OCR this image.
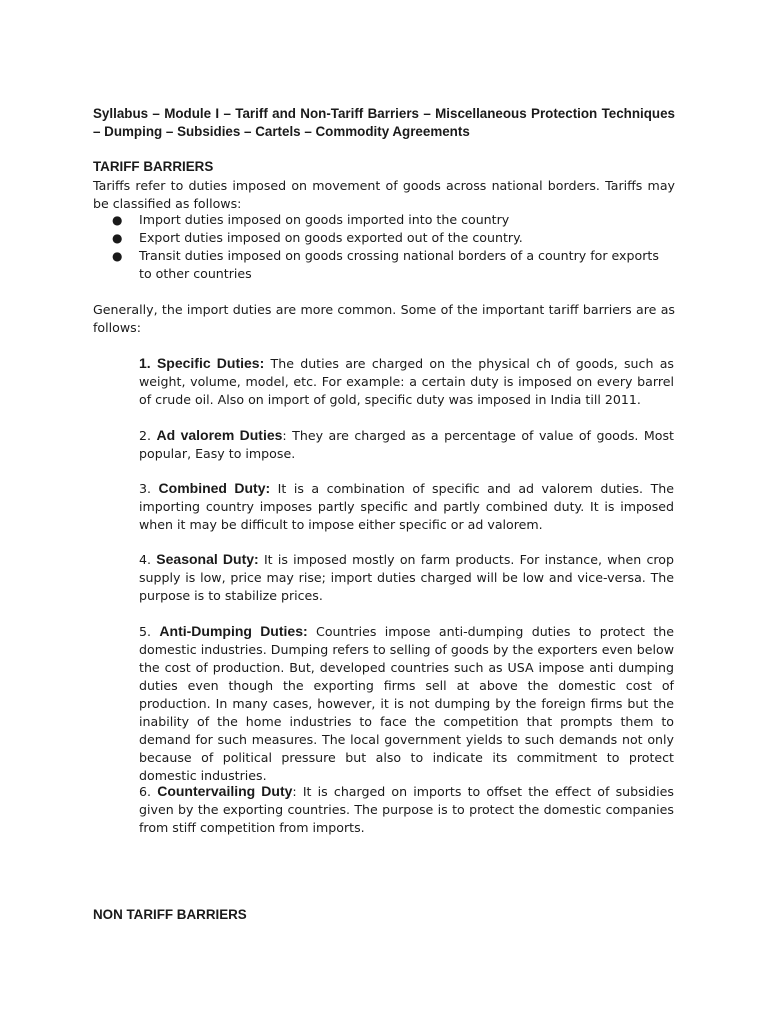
Syllabus – Module I – Tariff and Non-Tariff Barriers – Miscellaneous Protection Techniques – Dumping – Subsidies – Cartels – Commodity Agreements
TARIFF BARRIERS
Tariffs refer to duties imposed on movement of goods across national borders. Tariffs may be classified as follows:
● Import duties imposed on goods imported into the country
● Export duties imposed on goods exported out of the country.
● Transit duties imposed on goods crossing national borders of a country for exports to other countries
Generally, the import duties are more common. Some of the important tariff barriers are as follows:
1. Specific Duties: The duties are charged on the physical ch of goods, such as weight, volume, model, etc. For example: a certain duty is imposed on every barrel of crude oil. Also on import of gold, specific duty was imposed in India till 2011.
2. Ad valorem Duties: They are charged as a percentage of value of goods. Most popular, Easy to impose.
3. Combined Duty: It is a combination of specific and ad valorem duties. The importing country imposes partly specific and partly combined duty. It is imposed when it may be difficult to impose either specific or ad valorem.
4. Seasonal Duty: It is imposed mostly on farm products. For instance, when crop supply is low, price may rise; import duties charged will be low and vice-versa. The purpose is to stabilize prices.
5. Anti-Dumping Duties: Countries impose anti-dumping duties to protect the domestic industries. Dumping refers to selling of goods by the exporters even below the cost of production. But, developed countries such as USA impose anti dumping duties even though the exporting firms sell at above the domestic cost of production. In many cases, however, it is not dumping by the foreign firms but the inability of the home industries to face the competition that prompts them to demand for such measures. The local government yields to such demands not only because of political pressure but also to indicate its commitment to protect domestic industries.
6. Countervailing Duty: It is charged on imports to offset the effect of subsidies given by the exporting countries. The purpose is to protect the domestic companies from stiff competition from imports.
NON TARIFF BARRIERS
